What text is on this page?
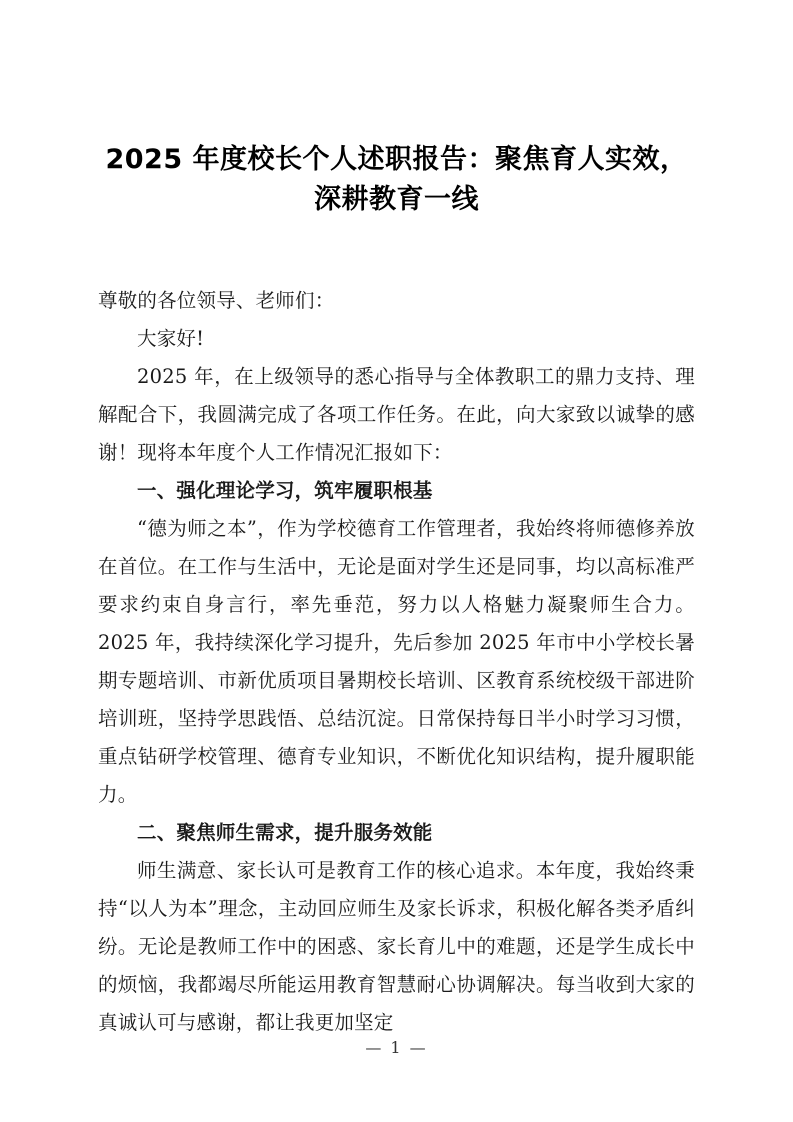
2025 年度校长个人述职报告：聚焦育人实效，深耕教育一线

尊敬的各位领导、老师们：

大家好!

2025 年，在上级领导的悉心指导与全体教职工的鼎力支持、理解配合下，我圆满完成了各项工作任务。在此，向大家致以诚挚的感谢！现将本年度个人工作情况汇报如下：

一、强化理论学习，筑牢履职根基

“德为师之本”，作为学校德育工作管理者，我始终将师德修养放在首位。在工作与生活中，无论是面对学生还是同事，均以高标准严要求约束自身言行，率先垂范，努力以人格魅力凝聚师生合力。2025 年，我持续深化学习提升，先后参加 2025 年市中小学校长暑期专题培训、市新优质项目暑期校长培训、区教育系统校级干部进阶培训班，坚持学思践悟、总结沉淀。日常保持每日半小时学习习惯，重点钻研学校管理、德育专业知识，不断优化知识结构，提升履职能力。

二、聚焦师生需求，提升服务效能

师生满意、家长认可是教育工作的核心追求。本年度，我始终秉持“以人为本”理念，主动回应师生及家长诉求，积极化解各类矛盾纠纷。无论是教师工作中的困惑、家长育儿中的难题，还是学生成长中的烦恼，我都竭尽所能运用教育智慧耐心协调解决。每当收到大家的真诚认可与感谢，都让我更加坚定

— 1 —
